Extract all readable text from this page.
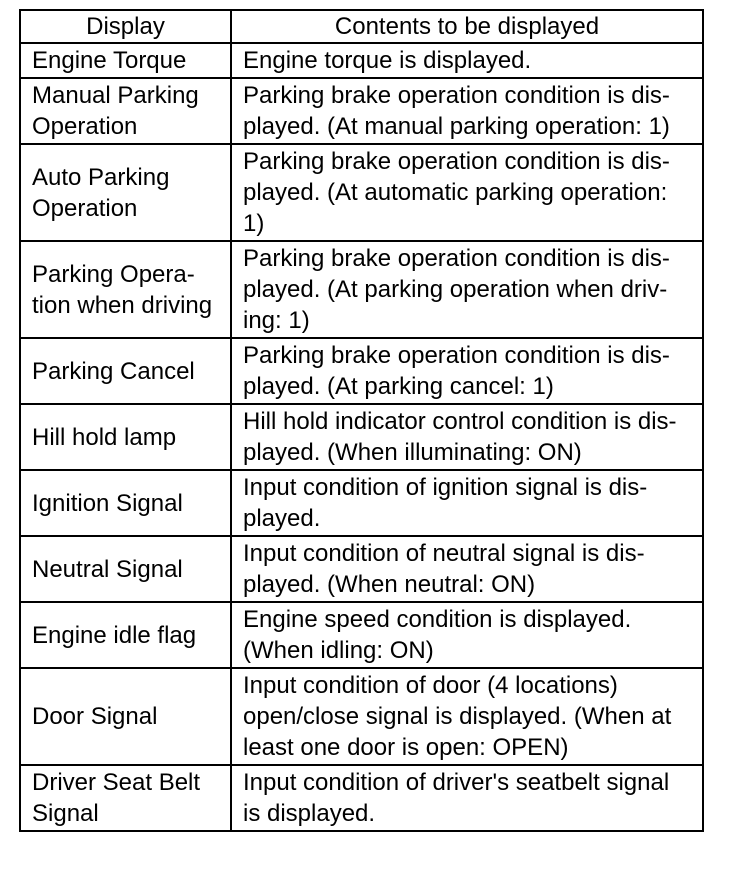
Display	Contents to be displayed

Engine Torque	Engine torque is displayed.

Manual Parking
Operation	Parking brake operation condition is dis-
played. (At manual parking operation: 1)

Auto Parking
Operation	Parking brake operation condition is dis-
played. (At automatic parking operation:
1)

Parking Opera-
tion when driving	Parking brake operation condition is dis-
played. (At parking operation when driv-
ing: 1)

Parking Cancel	Parking brake operation condition is dis-
played. (At parking cancel: 1)

Hill hold lamp	Hill hold indicator control condition is dis-
played. (When illuminating: ON)

Ignition Signal	Input condition of ignition signal is dis-
played.

Neutral Signal	Input condition of neutral signal is dis-
played. (When neutral: ON)

Engine idle flag	Engine speed condition is displayed.
(When idling: ON)

Door Signal	Input condition of door (4 locations)
open/close signal is displayed. (When at
least one door is open: OPEN)

Driver Seat Belt
Signal	Input condition of driver's seatbelt signal
is displayed.
